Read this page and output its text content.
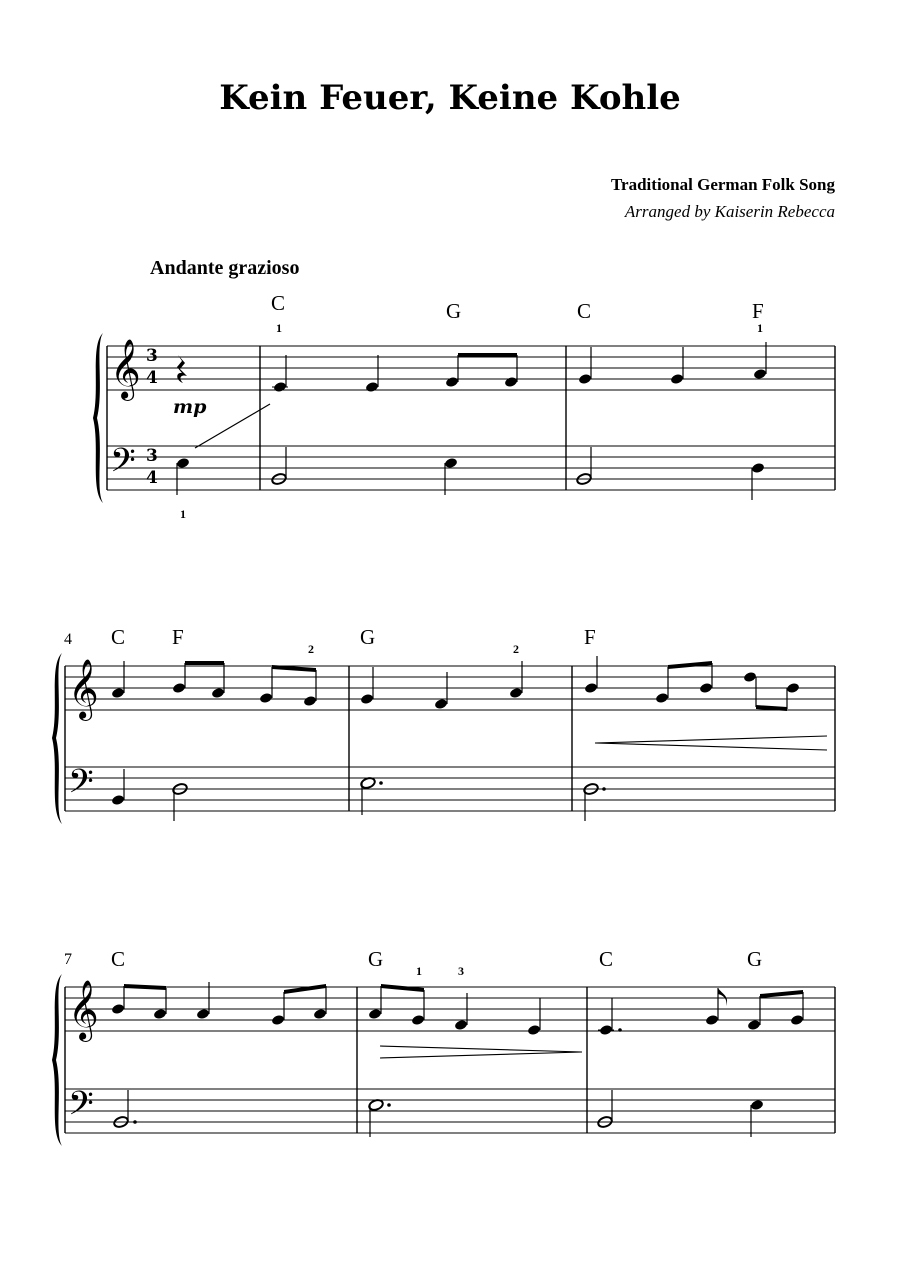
Kein Feuer, Keine Kohle
Traditional German Folk Song
Arranged by Kaiserin Rebecca
Andante grazioso
𝄞
𝄢
3
4
3
4
mp
C	G	C	F
1	1
1
4
𝄞
𝄢
C F	G	F
2	2
7
𝄞
𝄢
C	G	C	G
1	3
